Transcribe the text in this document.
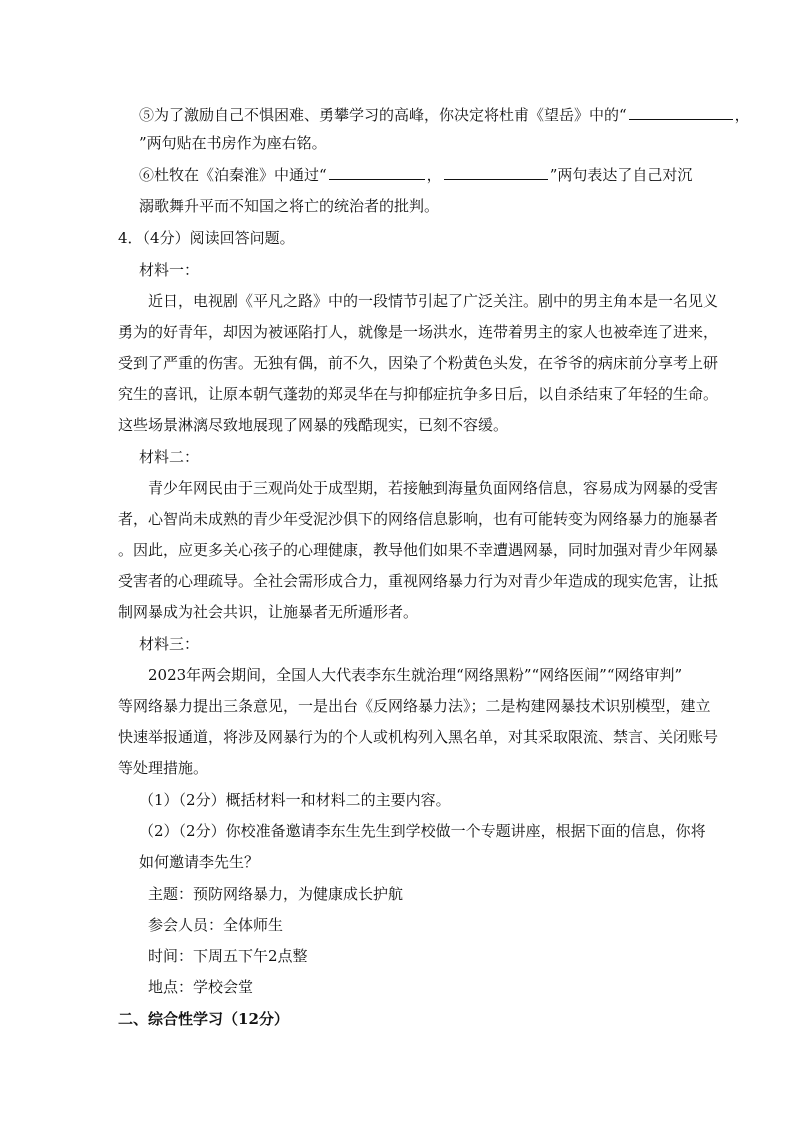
⑤为了激励自己不惧困难、勇攀学习的高峰，你决定将杜甫《望岳》中的“	，
”两句贴在书房作为座右铭。
⑥杜牧在《泊秦淮》中通过“	，	”两句表达了自己对沉
溺歌舞升平而不知国之将亡的统治者的批判。
4．（4分）阅读回答问题。
材料一：
近日，电视剧《平凡之路》中的一段情节引起了广泛关注。剧中的男主角本是一名见义
勇为的好青年，却因为被诬陷打人，就像是一场洪水，连带着男主的家人也被牵连了进来，
受到了严重的伤害。无独有偶，前不久，因染了个粉黄色头发，在爷爷的病床前分享考上研
究生的喜讯，让原本朝气蓬勃的郑灵华在与抑郁症抗争多日后，以自杀结束了年轻的生命。
这些场景淋漓尽致地展现了网暴的残酷现实，已刻不容缓。
材料二：
青少年网民由于三观尚处于成型期，若接触到海量负面网络信息，容易成为网暴的受害
者，心智尚未成熟的青少年受泥沙俱下的网络信息影响，也有可能转变为网络暴力的施暴者
。因此，应更多关心孩子的心理健康，教导他们如果不幸遭遇网暴，同时加强对青少年网暴
受害者的心理疏导。全社会需形成合力，重视网络暴力行为对青少年造成的现实危害，让抵
制网暴成为社会共识，让施暴者无所遁形者。
材料三：
2023年两会期间，全国人大代表李东生就治理“网络黑粉”“网络医闹”“网络审判”
等网络暴力提出三条意见，一是出台《反网络暴力法》；二是构建网暴技术识别模型，建立
快速举报通道，将涉及网暴行为的个人或机构列入黑名单，对其采取限流、禁言、关闭账号
等处理措施。
（1）（2分）概括材料一和材料二的主要内容。
（2）（2分）你校准备邀请李东生先生到学校做一个专题讲座，根据下面的信息，你将
如何邀请李先生？
主题：预防网络暴力，为健康成长护航
参会人员：全体师生
时间：下周五下午2点整
地点：学校会堂
二、综合性学习（12分）
